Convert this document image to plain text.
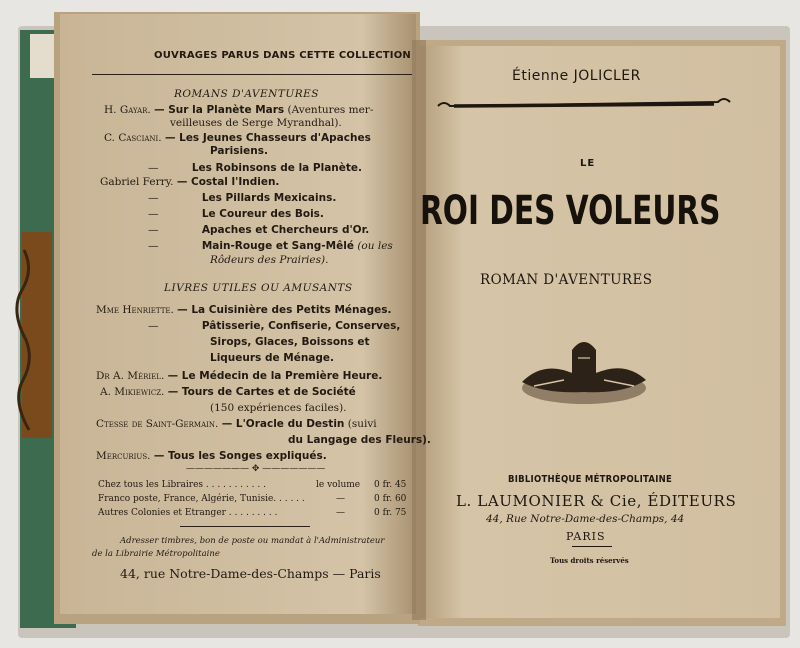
OUVRAGES PARUS DANS CETTE COLLECTION
ROMANS D'AVENTURES
H. Gayar. — Sur la Planète Mars (Aventures mer-
veilleuses de Serge Myrandhal).
C. Casciani. — Les Jeunes Chasseurs d'Apaches
Parisiens.
—	Les Robinsons de la Planète.
Gabriel Ferry. — Costal l'Indien.
—	Les Pillards Mexicains.
—	Le Coureur des Bois.
—	Apaches et Chercheurs d'Or.
—	Main-Rouge et Sang-Mêlé (ou les
Rôdeurs des Prairies).
LIVRES UTILES OU AMUSANTS
Mme Henriette. — La Cuisinière des Petits Ménages.
—	Pâtisserie, Confiserie, Conserves,
Sirops, Glaces, Boissons et
Liqueurs de Ménage.
Dr A. Mériel. — Le Médecin de la Première Heure.
A. Mikiewicz. — Tours de Cartes et de Société
(150 expériences faciles).
Ctesse de Saint-Germain. — L'Oracle du Destin (suivi
du Langage des Fleurs).
Mercurius. — Tous les Songes expliqués.
——————— ✥ ———————
Chez tous les Libraires . . . . . . . . . . .	le volume 0 fr. 45
Franco poste, France, Algérie, Tunisie. . . . . .	—	0 fr. 60
Autres Colonies et Etranger . . . . . . . . .	—	0 fr. 75
Adresser timbres, bon de poste ou mandat à l'Administrateur
de la Librairie Métropolitaine
44, rue Notre-Dame-des-Champs — Paris
Étienne JOLICLER
LE
ROI DES VOLEURS
ROMAN D'AVENTURES
BIBLIOTHÈQUE MÉTROPOLITAINE
L. LAUMONIER & Cie, ÉDITEURS
44, Rue Notre-Dame-des-Champs, 44
PARIS
Tous droits réservés
